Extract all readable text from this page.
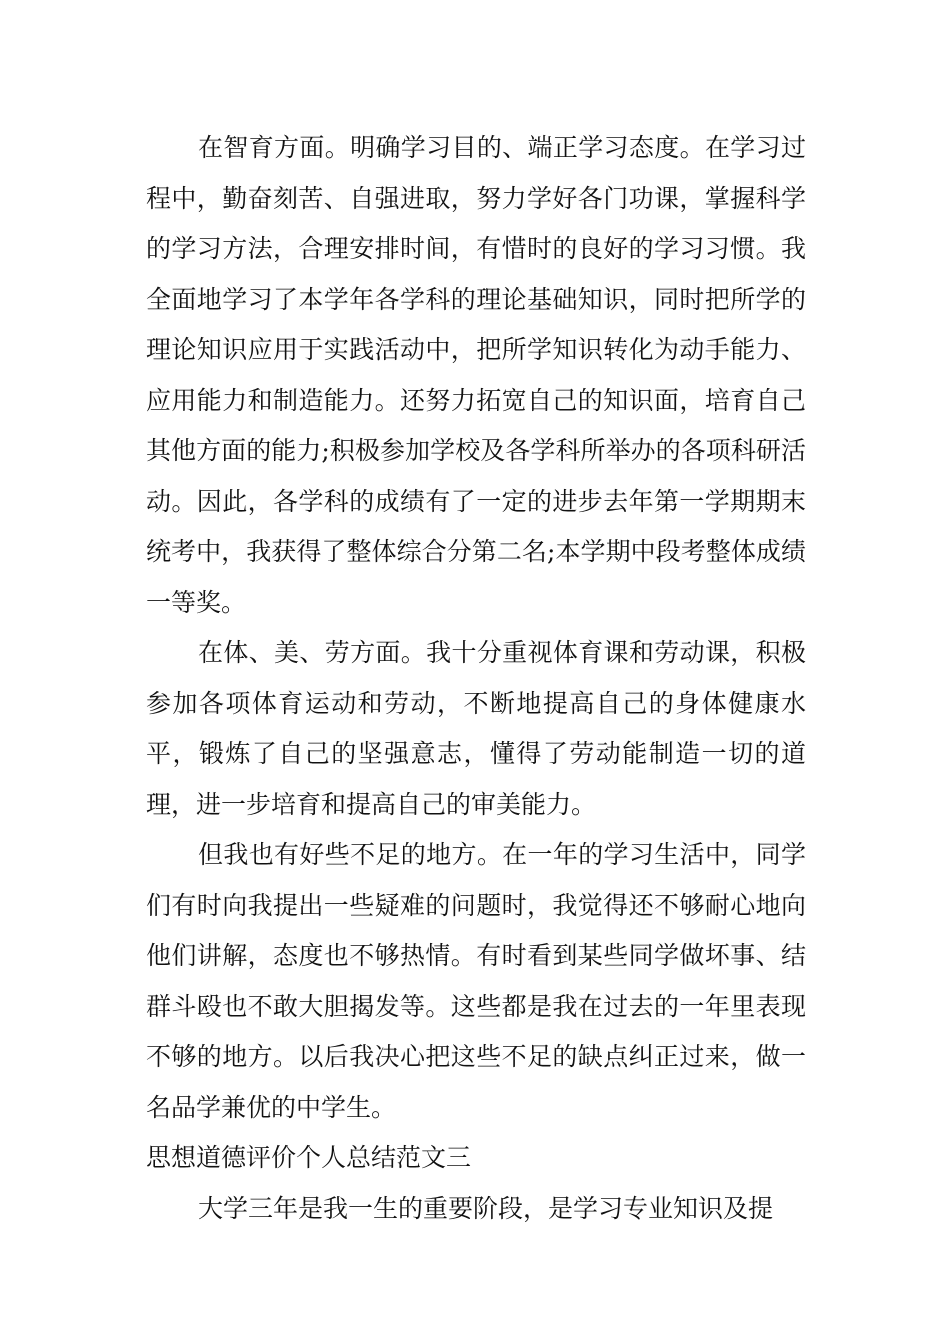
在智育方面。明确学习目的、端正学习态度。在学习过程中，勤奋刻苦、自强进取，努力学好各门功课，掌握科学的学习方法，合理安排时间，有惜时的良好的学习习惯。我全面地学习了本学年各学科的理论基础知识，同时把所学的理论知识应用于实践活动中，把所学知识转化为动手能力、应用能力和制造能力。还努力拓宽自己的知识面，培育自己其他方面的能力;积极参加学校及各学科所举办的各项科研活动。因此，各学科的成绩有了一定的进步去年第一学期期末统考中，我获得了整体综合分第二名;本学期中段考整体成绩一等奖。

在体、美、劳方面。我十分重视体育课和劳动课，积极参加各项体育运动和劳动，不断地提高自己的身体健康水平，锻炼了自己的坚强意志，懂得了劳动能制造一切的道理，进一步培育和提高自己的审美能力。

但我也有好些不足的地方。在一年的学习生活中，同学们有时向我提出一些疑难的问题时，我觉得还不够耐心地向他们讲解，态度也不够热情。有时看到某些同学做坏事、结群斗殴也不敢大胆揭发等。这些都是我在过去的一年里表现不够的地方。以后我决心把这些不足的缺点纠正过来，做一名品学兼优的中学生。

思想道德评价个人总结范文三

大学三年是我一生的重要阶段，是学习专业知识及提
